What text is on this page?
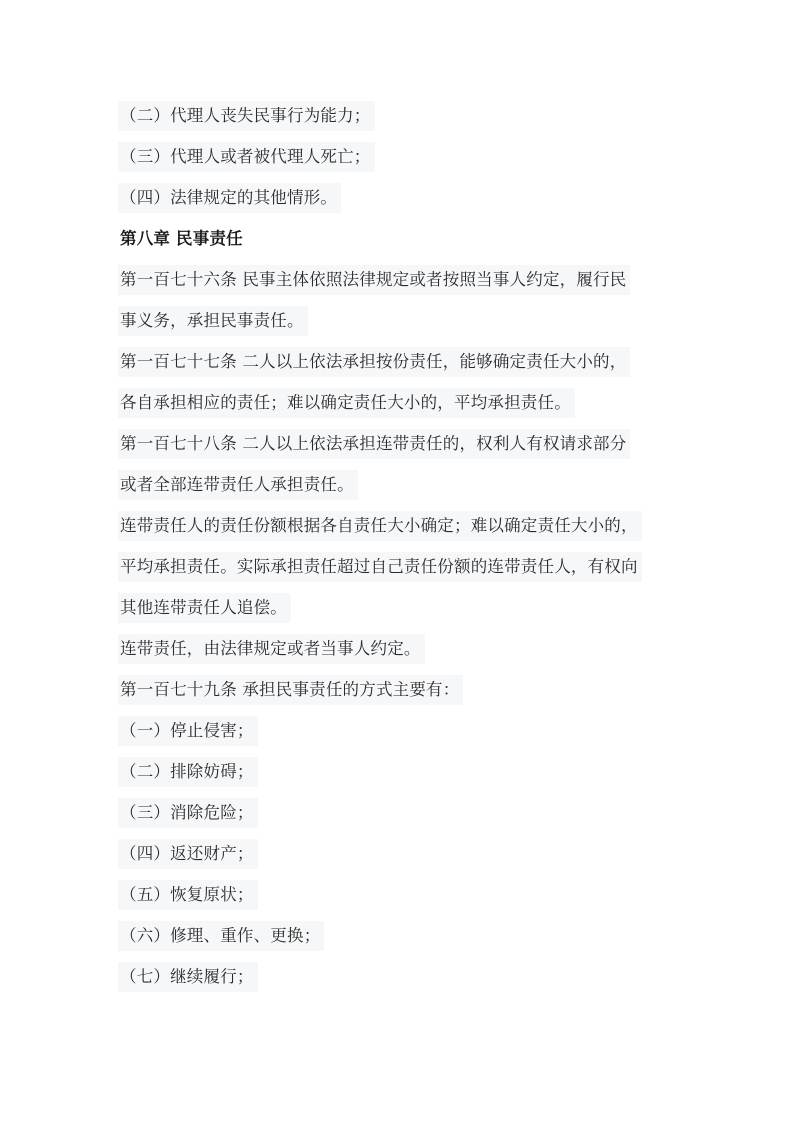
（二）代理人丧失民事行为能力；
（三）代理人或者被代理人死亡；
（四）法律规定的其他情形。
第八章 民事责任
第一百七十六条 民事主体依照法律规定或者按照当事人约定，履行民
事义务，承担民事责任。
第一百七十七条 二人以上依法承担按份责任，能够确定责任大小的，
各自承担相应的责任；难以确定责任大小的，平均承担责任。
第一百七十八条 二人以上依法承担连带责任的，权利人有权请求部分
或者全部连带责任人承担责任。
连带责任人的责任份额根据各自责任大小确定；难以确定责任大小的，
平均承担责任。实际承担责任超过自己责任份额的连带责任人，有权向
其他连带责任人追偿。
连带责任，由法律规定或者当事人约定。
第一百七十九条 承担民事责任的方式主要有：
（一）停止侵害；
（二）排除妨碍；
（三）消除危险；
（四）返还财产；
（五）恢复原状；
（六）修理、重作、更换；
（七）继续履行；
